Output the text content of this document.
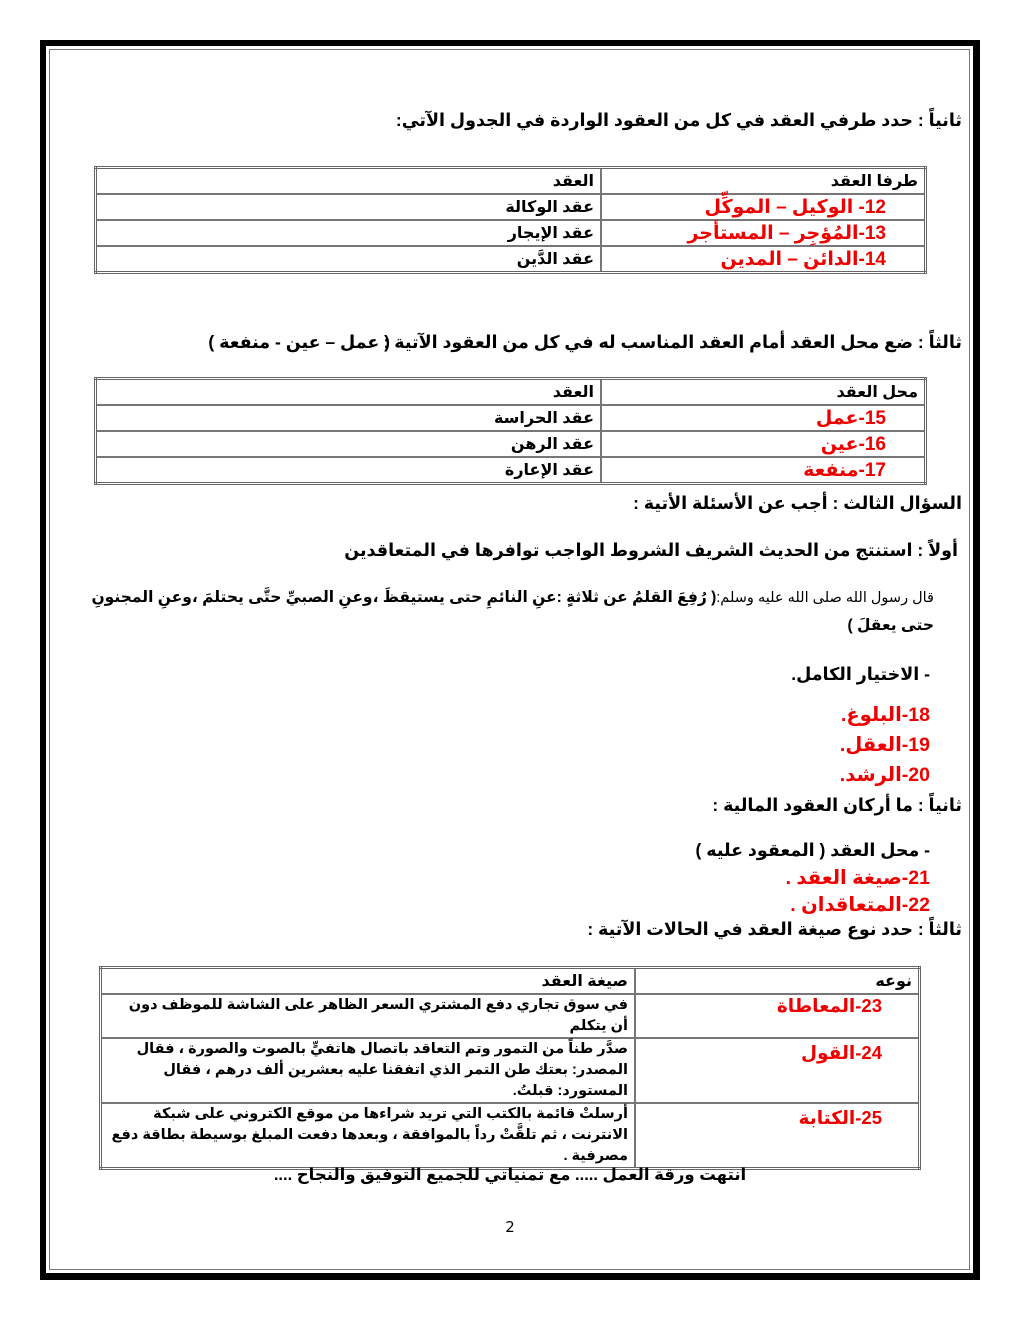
ثانياً : حدد طرفي العقد في كل من العقود الواردة في الجدول الآتي:
طرفا العقد	العقد
12- الوكيل – الموكِّل	عقد الوكالة
13-المُؤجِر – المستأجر	عقد الإيجار
14-الدائن – المدين	عقد الدَّين
ثالثاً : ضع محل العقد أمام العقد المناسب له في كل من العقود الآتية :
( عمل – عين - منفعة )
محل العقد	العقد
15-عمل	عقد الحراسة
16-عين	عقد الرهن
17-منفعة	عقد الإعارة
السؤال الثالث : أجب عن الأسئلة الأتية :
أولاً : استنتج من الحديث الشريف الشروط الواجب توافرها في المتعاقدين
قال رسول الله صلى الله عليه وسلم:( رُفِعَ القلمُ عن ثلاثةٍ :عنِ النائمِ حتى يستيقظَ ،وعنِ الصبيِّ حتَّى يحتلمَ ،وعنِ المجنونِ حتى يعقلَ )
- الاختيار الكامل.
18-البلوغ.
19-العقل.
20-الرشد.
ثانياً : ما أركان العقود المالية :
- محل العقد ( المعقود عليه )
21-صيغة العقد .
22-المتعاقدان .
ثالثاً : حدد نوع صيغة العقد في الحالات الآتية :
نوعه	صيغة العقد
23-المعاطاة	في سوق تجاري دفع المشتري السعر الظاهر على الشاشة للموظف دون أن يتكلم
24-القول	صدَّر طناً من التمور وتم التعاقد باتصال هاتفيٍّ بالصوت والصورة ، فقال المصدر: بعتك طن التمر الذي اتفقنا عليه بعشرين ألف درهم ، فقال المستورد: قبلتُ.
25-الكتابة	أرسلتْ قائمة بالكتب التي تريد شراءها من موقع الكتروني على شبكة الانترنت ، ثم تلقَّتْ رداً بالموافقة ، وبعدها دفعت المبلغ بوسيطة بطاقة دفع مصرفية .
انتهت ورقة العمل ..... مع تمنياتي للجميع التوفيق والنجاح ....
2
